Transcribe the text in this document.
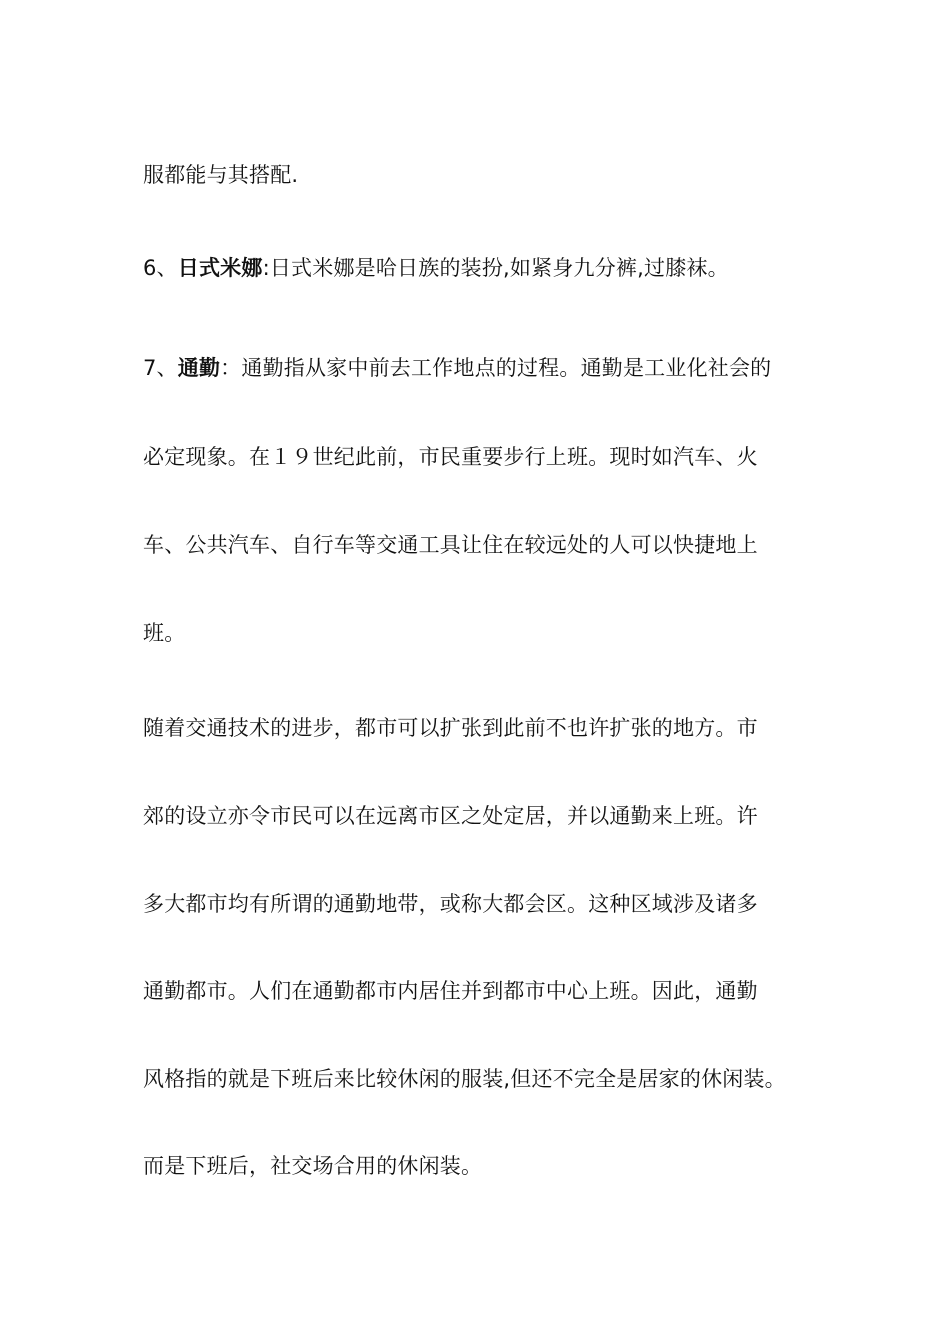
服都能与其搭配.
6、日式米娜:日式米娜是哈日族的装扮,如紧身九分裤,过膝袜。
7、通勤：通勤指从家中前去工作地点的过程。通勤是工业化社会的
必定现象。在１９世纪此前，市民重要步行上班。现时如汽车、火
车、公共汽车、自行车等交通工具让住在较远处的人可以快捷地上
班。
随着交通技术的进步，都市可以扩张到此前不也许扩张的地方。市
郊的设立亦令市民可以在远离市区之处定居，并以通勤来上班。许
多大都市均有所谓的通勤地带，或称大都会区。这种区域涉及诸多
通勤都市。人们在通勤都市内居住并到都市中心上班。因此，通勤
风格指的就是下班后来比较休闲的服装,但还不完全是居家的休闲装。
而是下班后，社交场合用的休闲装。
